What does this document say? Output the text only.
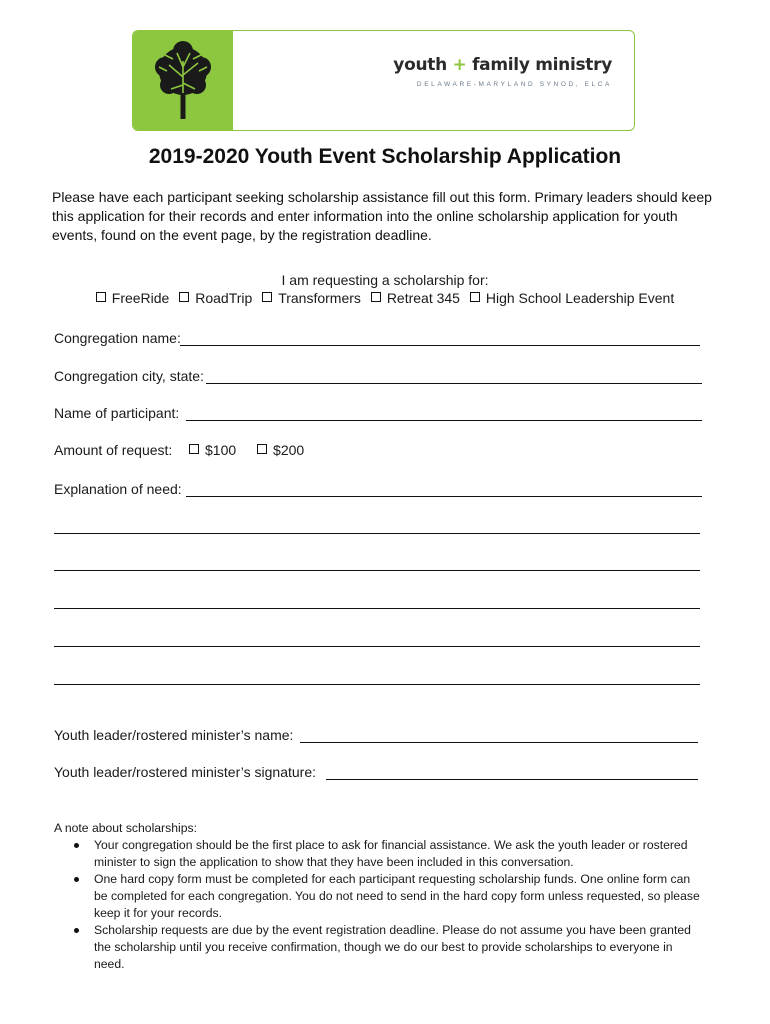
youth + family ministry
DELAWARE-MARYLAND SYNOD, ELCA
2019-2020 Youth Event Scholarship Application
Please have each participant seeking scholarship assistance fill out this form. Primary leaders should keep this application for their records and enter information into the online scholarship application for youth events, found on the event page, by the registration deadline.
I am requesting a scholarship for:
FreeRide RoadTrip Transformers Retreat 345 High School Leadership Event
Congregation name:
Congregation city, state:
Name of participant:
Amount of request:	$100	$200
Explanation of need:
Youth leader/rostered minister’s name:
Youth leader/rostered minister’s signature:
A note about scholarships:
Your congregation should be the first place to ask for financial assistance. We ask the youth leader or rostered minister to sign the application to show that they have been included in this conversation.
One hard copy form must be completed for each participant requesting scholarship funds. One online form can be completed for each congregation. You do not need to send in the hard copy form unless requested, so please keep it for your records.
Scholarship requests are due by the event registration deadline. Please do not assume you have been granted the scholarship until you receive confirmation, though we do our best to provide scholarships to everyone in need.
